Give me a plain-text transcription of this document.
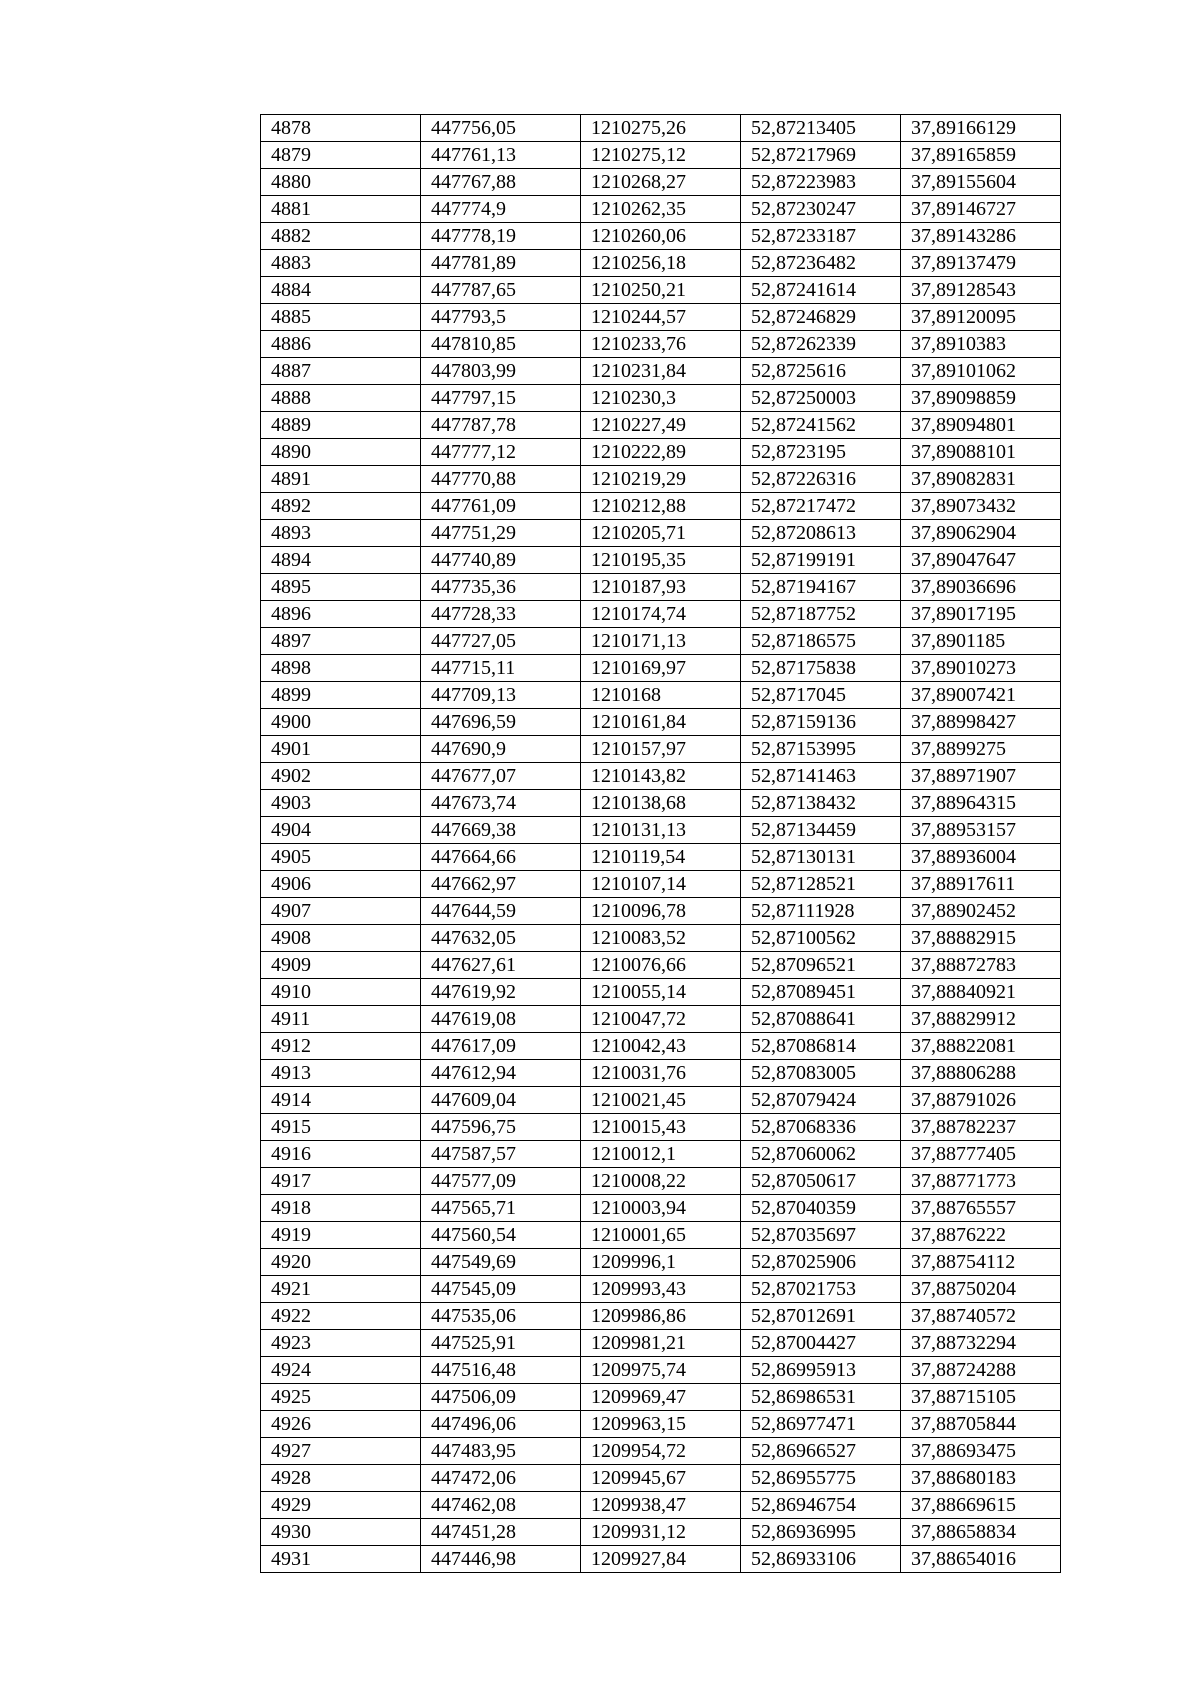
4878	447756,05	1210275,26	52,87213405	37,89166129
4879	447761,13	1210275,12	52,87217969	37,89165859
4880	447767,88	1210268,27	52,87223983	37,89155604
4881	447774,9	1210262,35	52,87230247	37,89146727
4882	447778,19	1210260,06	52,87233187	37,89143286
4883	447781,89	1210256,18	52,87236482	37,89137479
4884	447787,65	1210250,21	52,87241614	37,89128543
4885	447793,5	1210244,57	52,87246829	37,89120095
4886	447810,85	1210233,76	52,87262339	37,8910383
4887	447803,99	1210231,84	52,8725616	37,89101062
4888	447797,15	1210230,3	52,87250003	37,89098859
4889	447787,78	1210227,49	52,87241562	37,89094801
4890	447777,12	1210222,89	52,8723195	37,89088101
4891	447770,88	1210219,29	52,87226316	37,89082831
4892	447761,09	1210212,88	52,87217472	37,89073432
4893	447751,29	1210205,71	52,87208613	37,89062904
4894	447740,89	1210195,35	52,87199191	37,89047647
4895	447735,36	1210187,93	52,87194167	37,89036696
4896	447728,33	1210174,74	52,87187752	37,89017195
4897	447727,05	1210171,13	52,87186575	37,8901185
4898	447715,11	1210169,97	52,87175838	37,89010273
4899	447709,13	1210168	52,8717045	37,89007421
4900	447696,59	1210161,84	52,87159136	37,88998427
4901	447690,9	1210157,97	52,87153995	37,8899275
4902	447677,07	1210143,82	52,87141463	37,88971907
4903	447673,74	1210138,68	52,87138432	37,88964315
4904	447669,38	1210131,13	52,87134459	37,88953157
4905	447664,66	1210119,54	52,87130131	37,88936004
4906	447662,97	1210107,14	52,87128521	37,88917611
4907	447644,59	1210096,78	52,87111928	37,88902452
4908	447632,05	1210083,52	52,87100562	37,88882915
4909	447627,61	1210076,66	52,87096521	37,88872783
4910	447619,92	1210055,14	52,87089451	37,88840921
4911	447619,08	1210047,72	52,87088641	37,88829912
4912	447617,09	1210042,43	52,87086814	37,88822081
4913	447612,94	1210031,76	52,87083005	37,88806288
4914	447609,04	1210021,45	52,87079424	37,88791026
4915	447596,75	1210015,43	52,87068336	37,88782237
4916	447587,57	1210012,1	52,87060062	37,88777405
4917	447577,09	1210008,22	52,87050617	37,88771773
4918	447565,71	1210003,94	52,87040359	37,88765557
4919	447560,54	1210001,65	52,87035697	37,8876222
4920	447549,69	1209996,1	52,87025906	37,88754112
4921	447545,09	1209993,43	52,87021753	37,88750204
4922	447535,06	1209986,86	52,87012691	37,88740572
4923	447525,91	1209981,21	52,87004427	37,88732294
4924	447516,48	1209975,74	52,86995913	37,88724288
4925	447506,09	1209969,47	52,86986531	37,88715105
4926	447496,06	1209963,15	52,86977471	37,88705844
4927	447483,95	1209954,72	52,86966527	37,88693475
4928	447472,06	1209945,67	52,86955775	37,88680183
4929	447462,08	1209938,47	52,86946754	37,88669615
4930	447451,28	1209931,12	52,86936995	37,88658834
4931	447446,98	1209927,84	52,86933106	37,88654016
